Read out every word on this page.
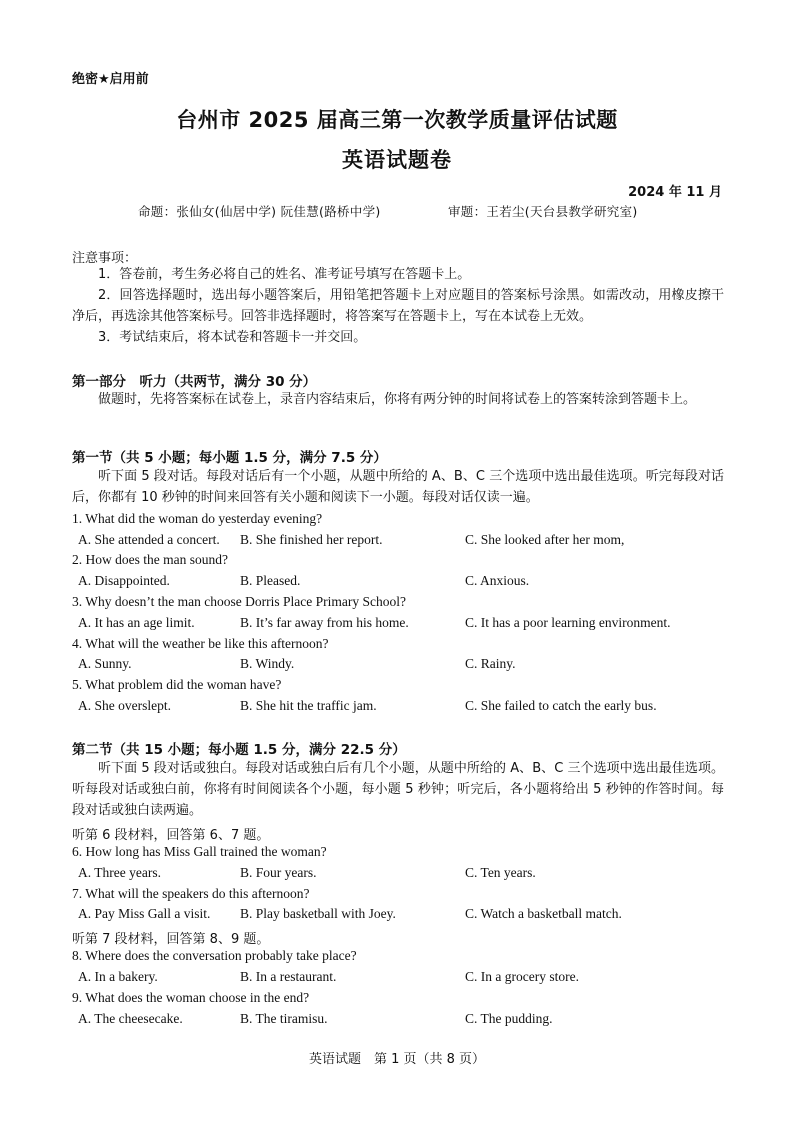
绝密★启用前
台州市 2025 届高三第一次教学质量评估试题
英语试题卷
2024 年 11 月
命题：张仙女(仙居中学) 阮佳慧(路桥中学)	审题：王若尘(天台县教学研究室)
注意事项：
1．答卷前，考生务必将自己的姓名、准考证号填写在答题卡上。
2．回答选择题时，选出每小题答案后，用铅笔把答题卡上对应题目的答案标号涂黑。如需改动，用橡皮擦干净后，再选涂其他答案标号。回答非选择题时，将答案写在答题卡上，写在本试卷上无效。
3．考试结束后，将本试卷和答题卡一并交回。
第一部分　听力（共两节，满分 30 分）
做题时，先将答案标在试卷上，录音内容结束后，你将有两分钟的时间将试卷上的答案转涂到答题卡上。
第一节（共 5 小题；每小题 1.5 分，满分 7.5 分）
听下面 5 段对话。每段对话后有一个小题，从题中所给的 A、B、C 三个选项中选出最佳选项。听完每段对话后，你都有 10 秒钟的时间来回答有关小题和阅读下一小题。每段对话仅读一遍。
1. What did the woman do yesterday evening?
A. She attended a concert. B. She finished her report.	C. She looked after her mom,
2. How does the man sound?
A. Disappointed.	B. Pleased.	C. Anxious.
3. Why doesn’t the man choose Dorris Place Primary School?
A. It has an age limit.	B. It’s far away from his home.	C. It has a poor learning environment.
4. What will the weather be like this afternoon?
A. Sunny.	B. Windy.	C. Rainy.
5. What problem did the woman have?
A. She overslept.	B. She hit the traffic jam.	C. She failed to catch the early bus.
第二节（共 15 小题；每小题 1.5 分，满分 22.5 分）
听下面 5 段对话或独白。每段对话或独白后有几个小题，从题中所给的 A、B、C 三个选项中选出最佳选项。听每段对话或独白前，你将有时间阅读各个小题，每小题 5 秒钟；听完后，各小题将给出 5 秒钟的作答时间。每段对话或独白读两遍。
听第 6 段材料，回答第 6、7 题。
6. How long has Miss Gall trained the woman?
A. Three years.	B. Four years.	C. Ten years.
7. What will the speakers do this afternoon?
A. Pay Miss Gall a visit. B. Play basketball with Joey.	C. Watch a basketball match.
听第 7 段材料，回答第 8、9 题。
8. Where does the conversation probably take place?
A. In a bakery.	B. In a restaurant.	C. In a grocery store.
9. What does the woman choose in the end?
A. The cheesecake.	B. The tiramisu.	C. The pudding.
英语试题　第 1 页（共 8 页）
